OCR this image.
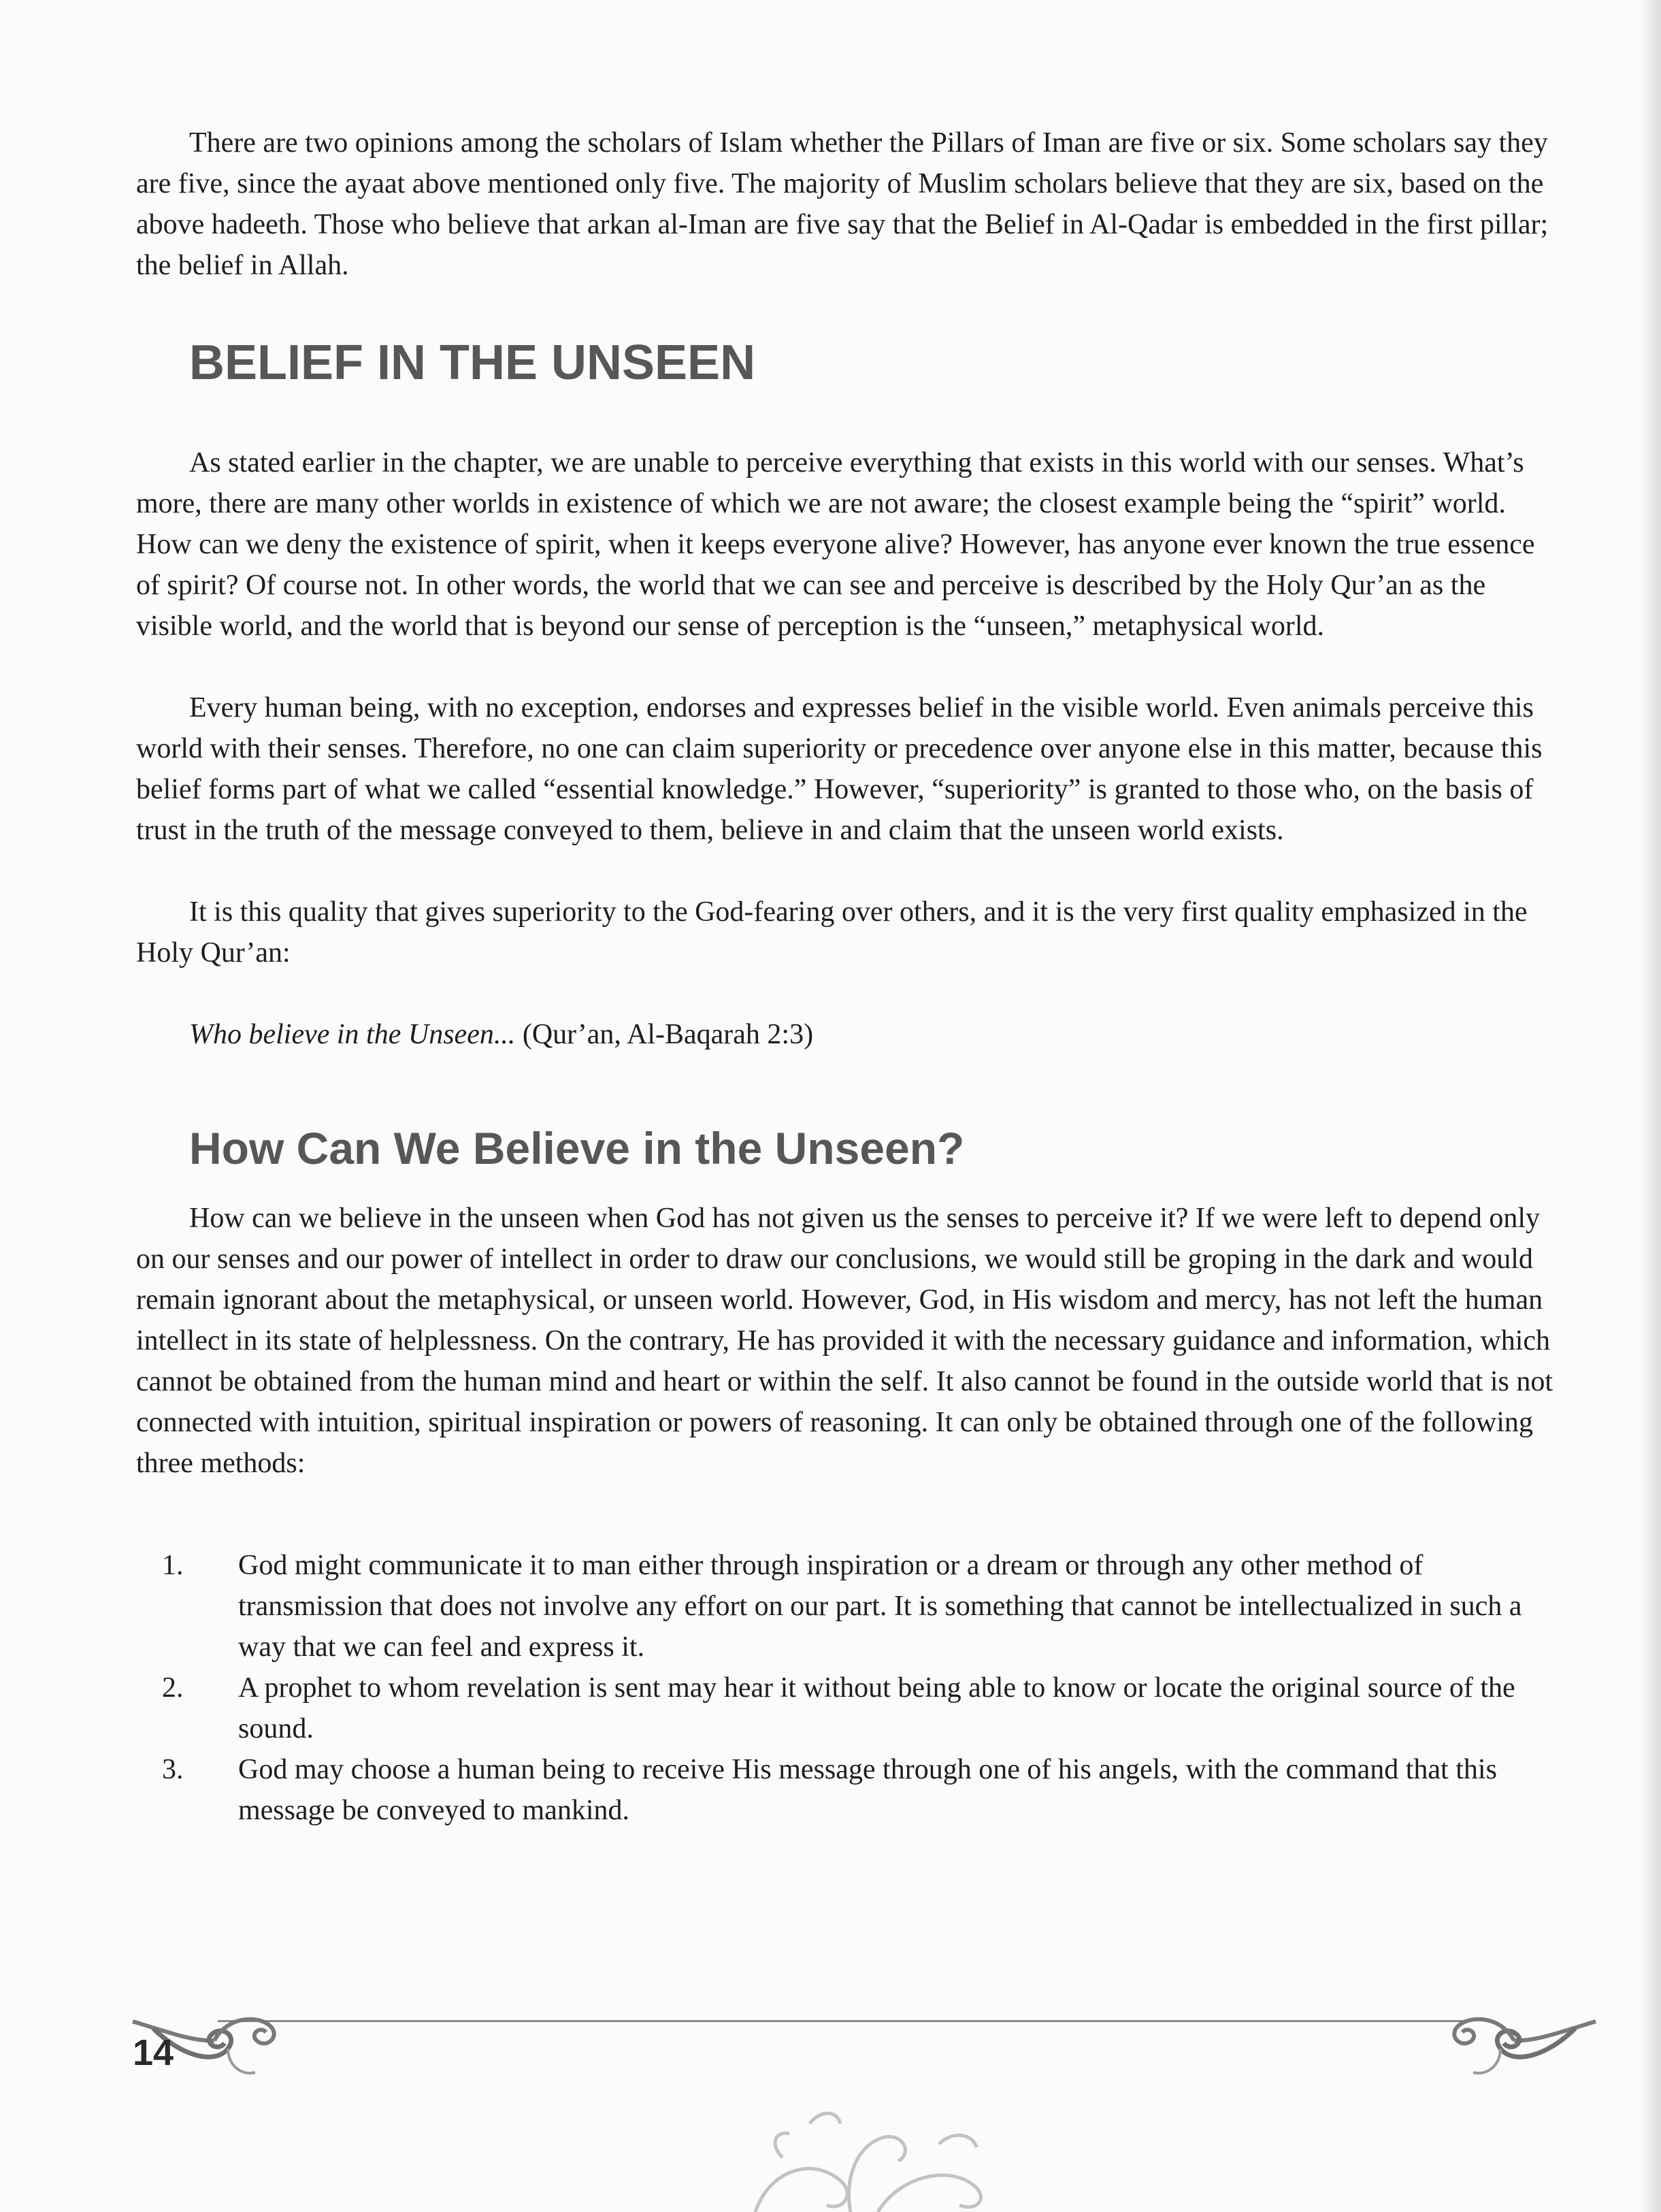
There are two opinions among the scholars of Islam whether the Pillars of Iman are five or six. Some scholars say they are five, since the ayaat above mentioned only five. The majority of Muslim scholars believe that they are six, based on the above hadeeth. Those who believe that arkan al-Iman are five say that the Belief in Al-Qadar is embedded in the first pillar; the belief in Allah.

BELIEF IN THE UNSEEN

As stated earlier in the chapter, we are unable to perceive everything that exists in this world with our senses. What’s more, there are many other worlds in existence of which we are not aware; the closest example being the “spirit” world. How can we deny the existence of spirit, when it keeps everyone alive? However, has anyone ever known the true essence of spirit? Of course not. In other words, the world that we can see and perceive is described by the Holy Qur’an as the visible world, and the world that is beyond our sense of perception is the “unseen,” metaphysical world.

Every human being, with no exception, endorses and expresses belief in the visible world. Even animals perceive this world with their senses. Therefore, no one can claim superiority or precedence over anyone else in this matter, because this belief forms part of what we called “essential knowledge.” However, “superiority” is granted to those who, on the basis of trust in the truth of the message conveyed to them, believe in and claim that the unseen world exists.

It is this quality that gives superiority to the God-fearing over others, and it is the very first quality emphasized in the Holy Qur’an:

Who believe in the Unseen... (Qur’an, Al-Baqarah 2:3)

How Can We Believe in the Unseen?

How can we believe in the unseen when God has not given us the senses to perceive it? If we were left to depend only on our senses and our power of intellect in order to draw our conclusions, we would still be groping in the dark and would remain ignorant about the metaphysical, or unseen world. However, God, in His wisdom and mercy, has not left the human intellect in its state of helplessness. On the contrary, He has provided it with the necessary guidance and information, which cannot be obtained from the human mind and heart or within the self. It also cannot be found in the outside world that is not connected with intuition, spiritual inspiration or powers of reasoning. It can only be obtained through one of the following three methods:

1.	God might communicate it to man either through inspiration or a dream or through any other method of transmission that does not involve any effort on our part. It is something that cannot be intellectualized in such a way that we can feel and express it.
2.	A prophet to whom revelation is sent may hear it without being able to know or locate the original source of the sound.
3.	God may choose a human being to receive His message through one of his angels, with the command that this message be conveyed to mankind.
14
